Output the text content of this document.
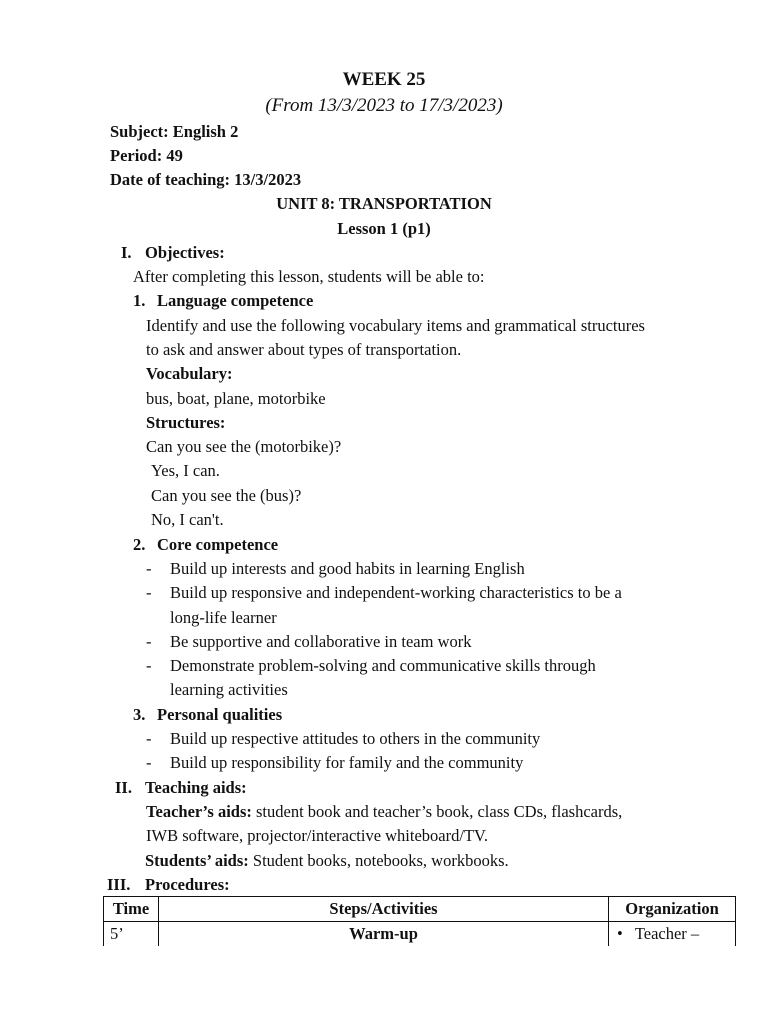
WEEK 25
(From 13/3/2023 to 17/3/2023)
Subject: English 2
Period: 49
Date of teaching: 13/3/2023
UNIT 8: TRANSPORTATION
Lesson 1 (p1)
I. Objectives:
After completing this lesson, students will be able to:
1. Language competence
Identify and use the following vocabulary items and grammatical structures
to ask and answer about types of transportation.
Vocabulary:
bus, boat, plane, motorbike
Structures:
Can you see the (motorbike)?
Yes, I can.
Can you see the (bus)?
No, I can't.
2. Core competence
- Build up interests and good habits in learning English
- Build up responsive and independent-working characteristics to be a
long-life learner
- Be supportive and collaborative in team work
- Demonstrate problem-solving and communicative skills through
learning activities
3. Personal qualities
- Build up respective attitudes to others in the community
- Build up responsibility for family and the community
II. Teaching aids:
Teacher’s aids: student book and teacher’s book, class CDs, flashcards,
IWB software, projector/interactive whiteboard/TV.
Students’ aids: Student books, notebooks, workbooks.
III. Procedures:
Time	Steps/Activities	Organization
5’	Warm-up	• Teacher –
